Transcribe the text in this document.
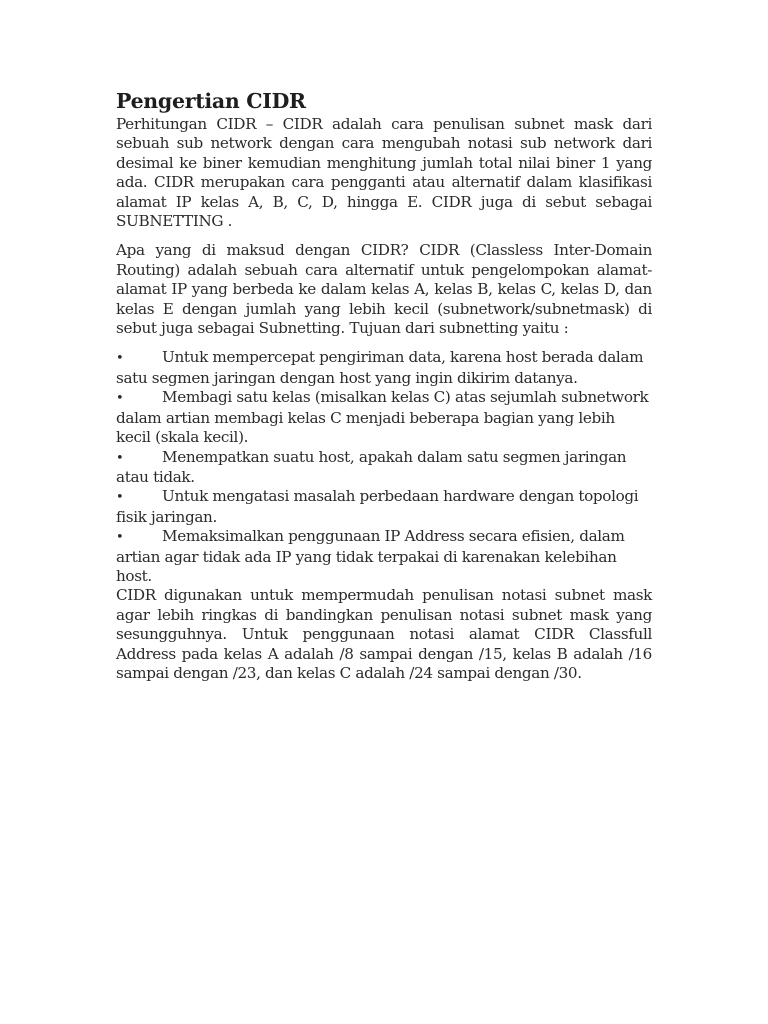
Pengertian CIDR

Perhitungan CIDR – CIDR adalah cara penulisan subnet mask dari sebuah sub network dengan cara mengubah notasi sub network dari desimal ke biner kemudian menghitung jumlah total nilai biner 1 yang ada. CIDR merupakan cara pengganti atau alternatif dalam klasifikasi alamat IP kelas A, B, C, D, hingga E. CIDR juga di sebut sebagai SUBNETTING .

Apa yang di maksud dengan CIDR? CIDR (Classless Inter-Domain Routing) adalah sebuah cara alternatif untuk pengelompokan alamat-alamat IP yang berbeda ke dalam kelas A, kelas B, kelas C, kelas D, dan kelas E dengan jumlah yang lebih kecil (subnetwork/subnetmask) di sebut juga sebagai Subnetting. Tujuan dari subnetting yaitu :

•	Untuk mempercepat pengiriman data, karena host berada dalam satu segmen jaringan dengan host yang ingin dikirim datanya.
•	Membagi satu kelas (misalkan kelas C) atas sejumlah subnetwork dalam artian membagi kelas C menjadi beberapa bagian yang lebih kecil (skala kecil).
•	Menempatkan suatu host, apakah dalam satu segmen jaringan atau tidak.
•	Untuk mengatasi masalah perbedaan hardware dengan topologi fisik jaringan.
•	Memaksimalkan penggunaan IP Address secara efisien, dalam artian agar tidak ada IP yang tidak terpakai di karenakan kelebihan host.

CIDR digunakan untuk mempermudah penulisan notasi subnet mask agar lebih ringkas di bandingkan penulisan notasi subnet mask yang sesungguhnya. Untuk penggunaan notasi alamat CIDR Classfull Address pada kelas A adalah /8 sampai dengan /15, kelas B adalah /16 sampai dengan /23, dan kelas C adalah /24 sampai dengan /30.
